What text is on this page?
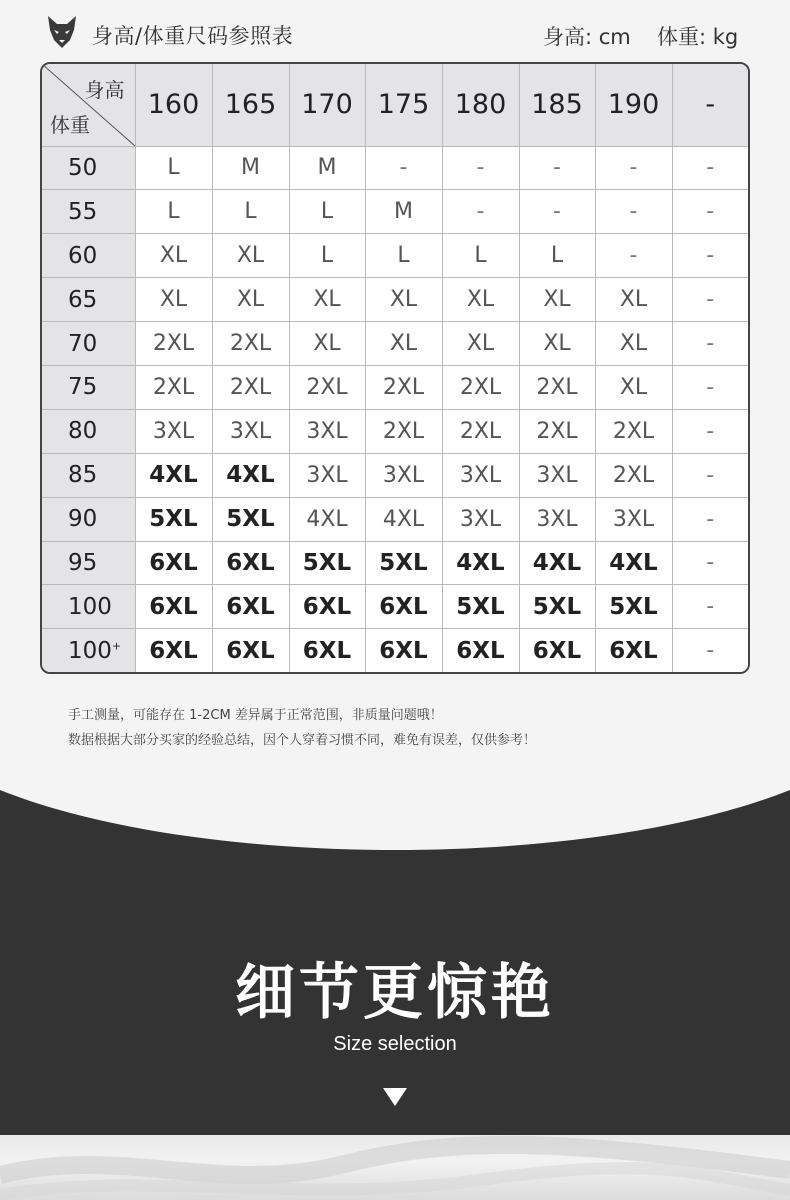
身高/体重尺码参照表	身高: cm 体重: kg
身高
体重	160	165	170	175	180	185	190	-
50	L	M	M	-	-	-	-	-
55	L	L	L	M	-	-	-	-
60	XL	XL	L	L	L	L	-	-
65	XL	XL	XL	XL	XL	XL	XL	-
70	2XL	2XL	XL	XL	XL	XL	XL	-
75	2XL	2XL	2XL	2XL	2XL	2XL	XL	-
80	3XL	3XL	3XL	2XL	2XL	2XL	2XL	-
85	4XL	4XL	3XL	3XL	3XL	3XL	2XL	-
90	5XL	5XL	4XL	4XL	3XL	3XL	3XL	-
95	6XL	6XL	5XL	5XL	4XL	4XL	4XL	-
100	6XL	6XL	6XL	6XL	5XL	5XL	5XL	-
100+	6XL	6XL	6XL	6XL	6XL	6XL	6XL	-
手工测量，可能存在 1-2CM 差异属于正常范围，非质量问题哦！
数据根据大部分买家的经验总结，因个人穿着习惯不同，难免有误差，仅供参考！
细节更惊艳
Size selection
